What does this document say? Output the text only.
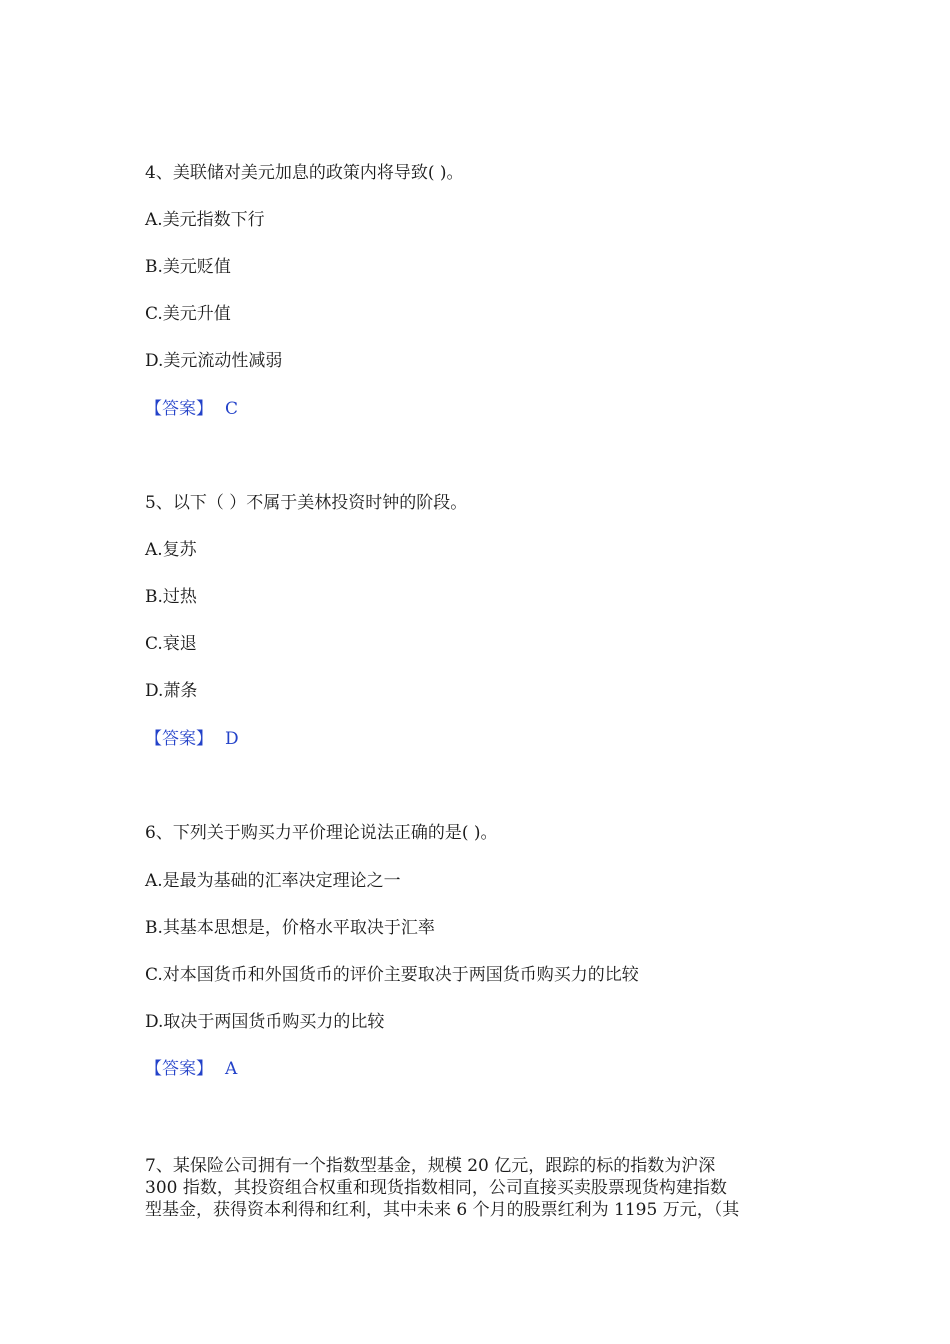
4、美联储对美元加息的政策内将导致( )。
A.美元指数下行
B.美元贬值
C.美元升值
D.美元流动性减弱
【答案】 C
5、以下（ ）不属于美林投资时钟的阶段。
A.复苏
B.过热
C.衰退
D.萧条
【答案】 D
6、下列关于购买力平价理论说法正确的是( )。
A.是最为基础的汇率决定理论之一
B.其基本思想是，价格水平取决于汇率
C.对本国货币和外国货币的评价主要取决于两国货币购买力的比较
D.取决于两国货币购买力的比较
【答案】 A
7、某保险公司拥有一个指数型基金，规模 20 亿元，跟踪的标的指数为沪深
300 指数，其投资组合权重和现货指数相同，公司直接买卖股票现货构建指数
型基金，获得资本利得和红利，其中未来 6 个月的股票红利为 1195 万元，（其
